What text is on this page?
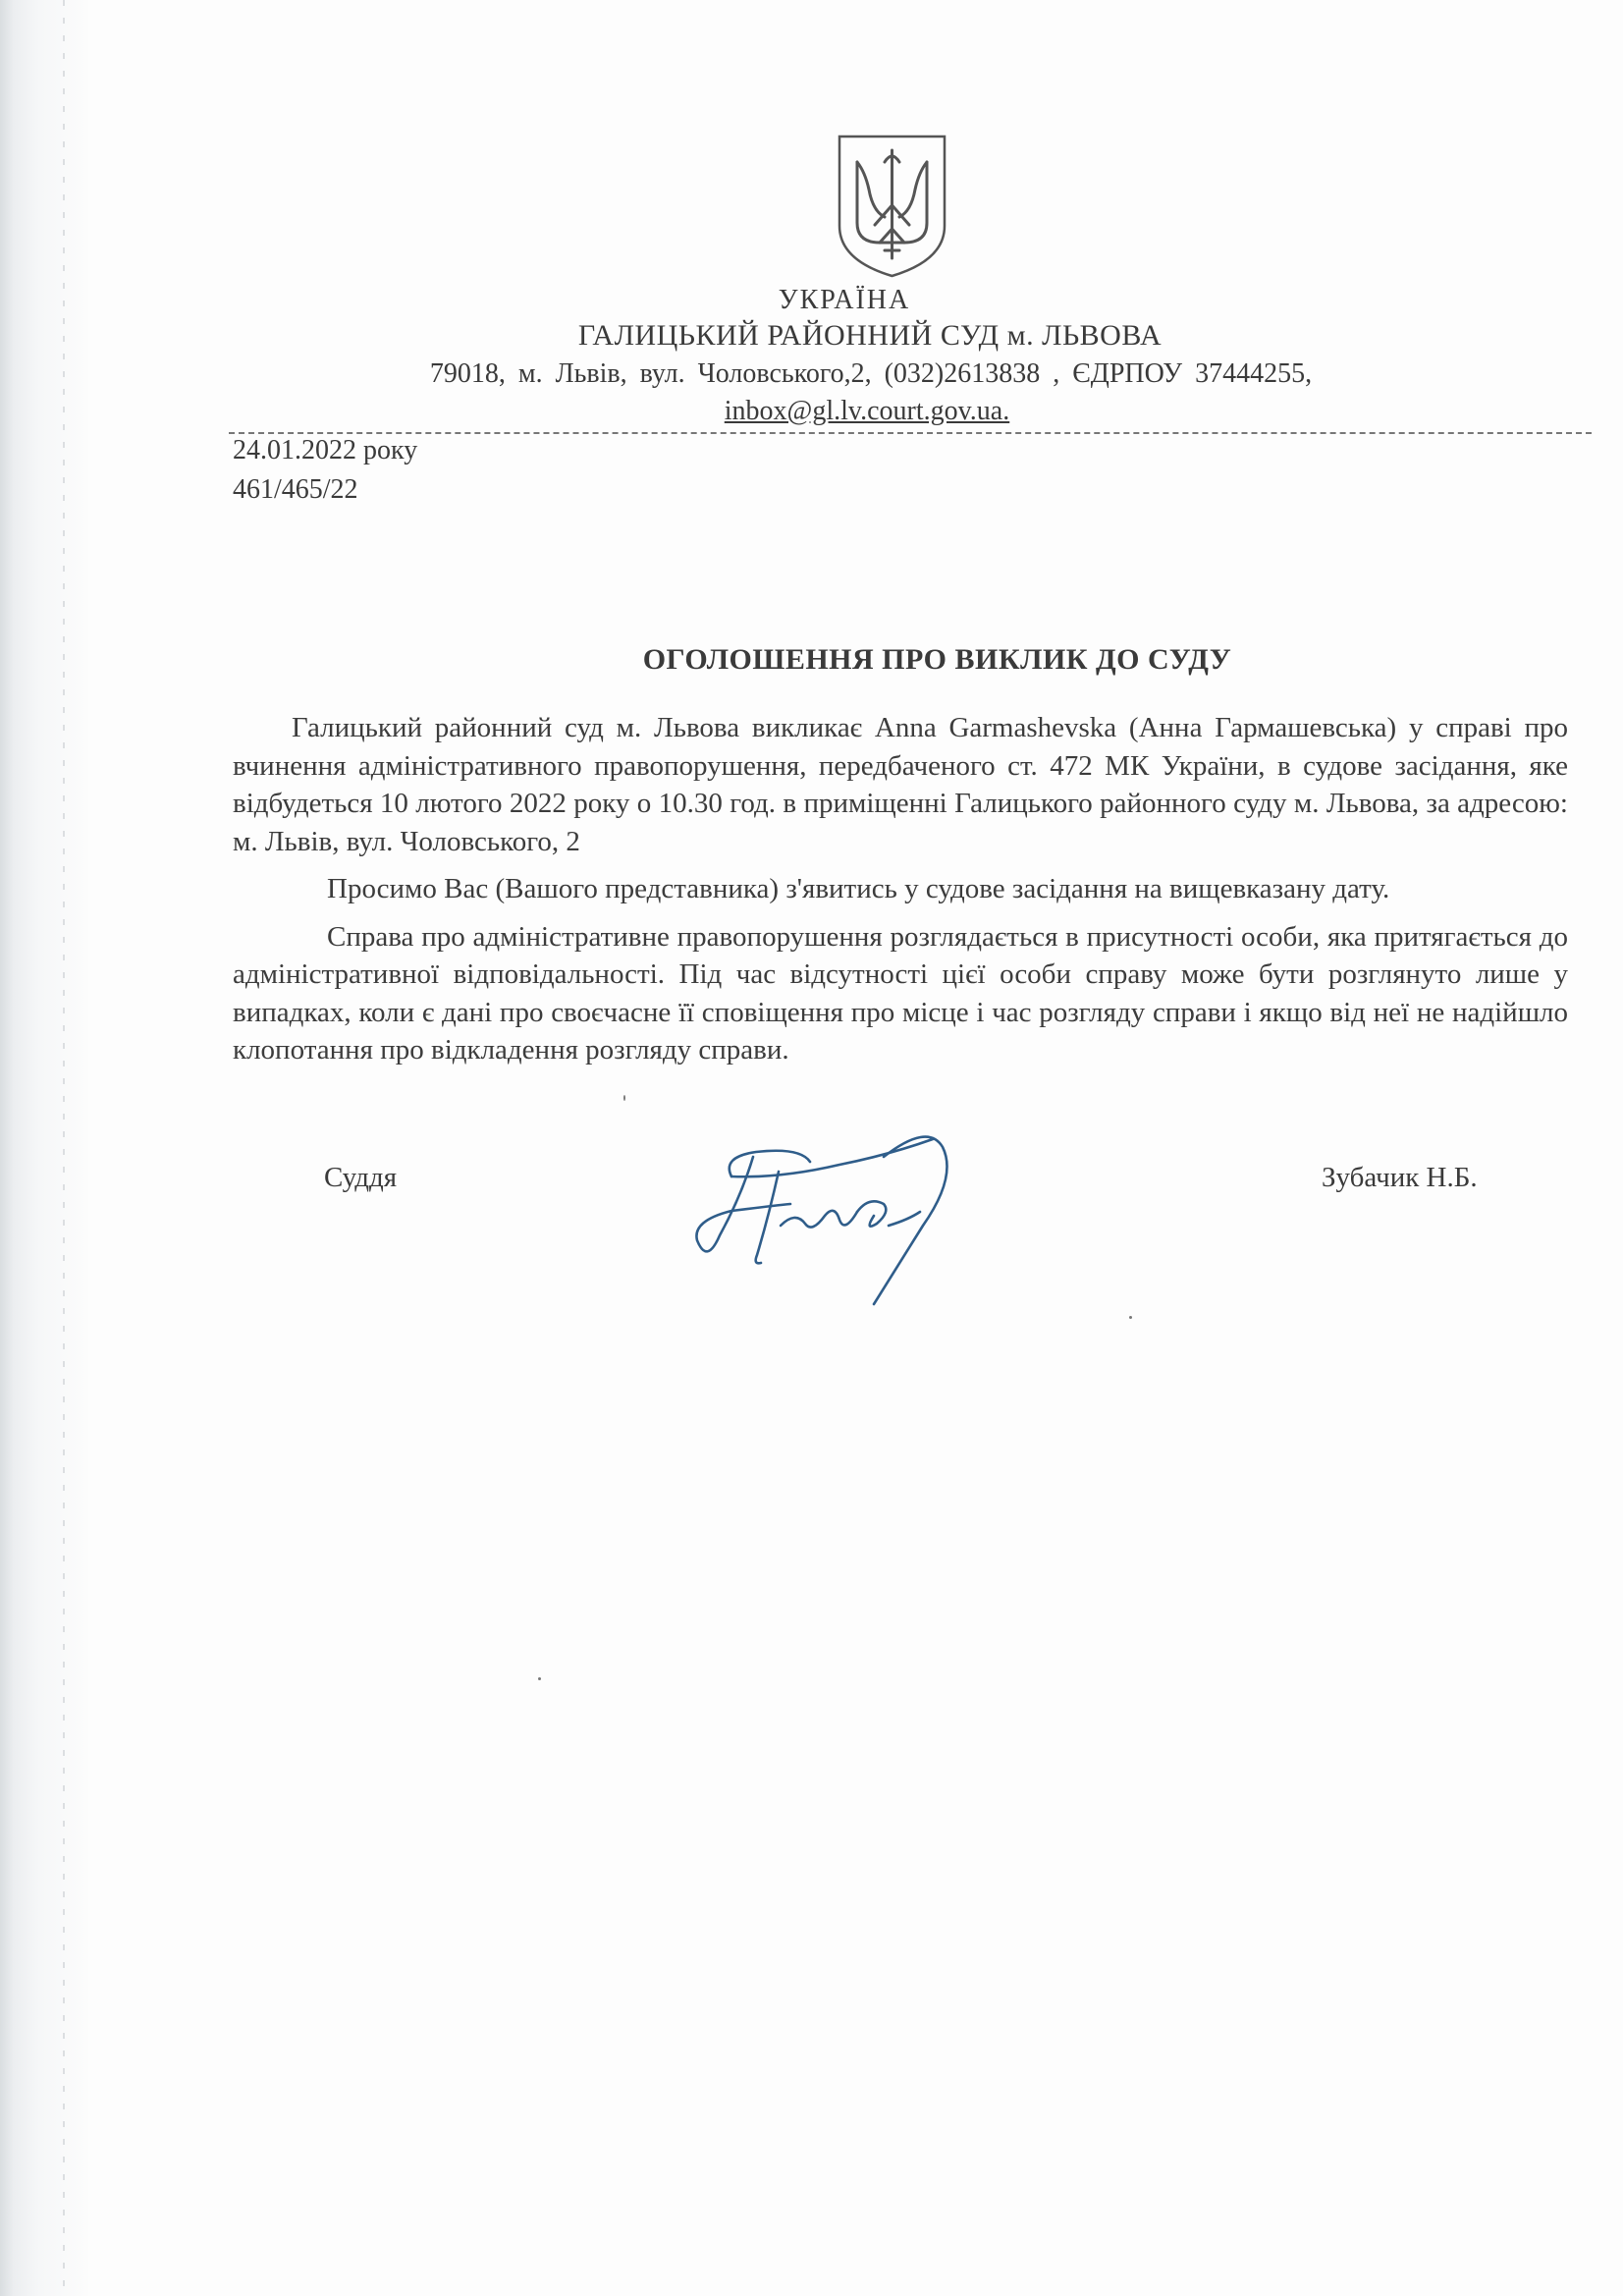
УКРАЇНА
ГАЛИЦЬКИЙ РАЙОННИЙ СУД м. ЛЬВОВА
79018, м. Львів, вул. Чоловського,2, (032)2613838 , ЄДРПОУ 37444255,
inbox@gl.lv.court.gov.ua.
24.01.2022 року
461/465/22
ОГОЛОШЕННЯ ПРО ВИКЛИК ДО СУДУ

Галицький районний суд м. Львова викликає Anna Garmashevska (Анна Гармашевська) у справі про вчинення адміністративного правопорушення, передбаченого ст. 472 МК України, в судове засідання, яке відбудеться 10 лютого 2022 року о 10.30 год. в приміщенні Галицького районного суду м. Львова, за адресою: м. Львів, вул. Чоловського, 2

Просимо Вас (Вашого представника) з'явитись у судове засідання на вищевказану дату.

Справа про адміністративне правопорушення розглядається в присутності особи, яка притягається до адміністративної відповідальності. Під час відсутності цієї особи справу може бути розглянуто лише у випадках, коли є дані про своєчасне її сповіщення про місце і час розгляду справи і якщо від неї не надійшло клопотання про відкладення розгляду справи.

Суддя	Зубачик Н.Б.
